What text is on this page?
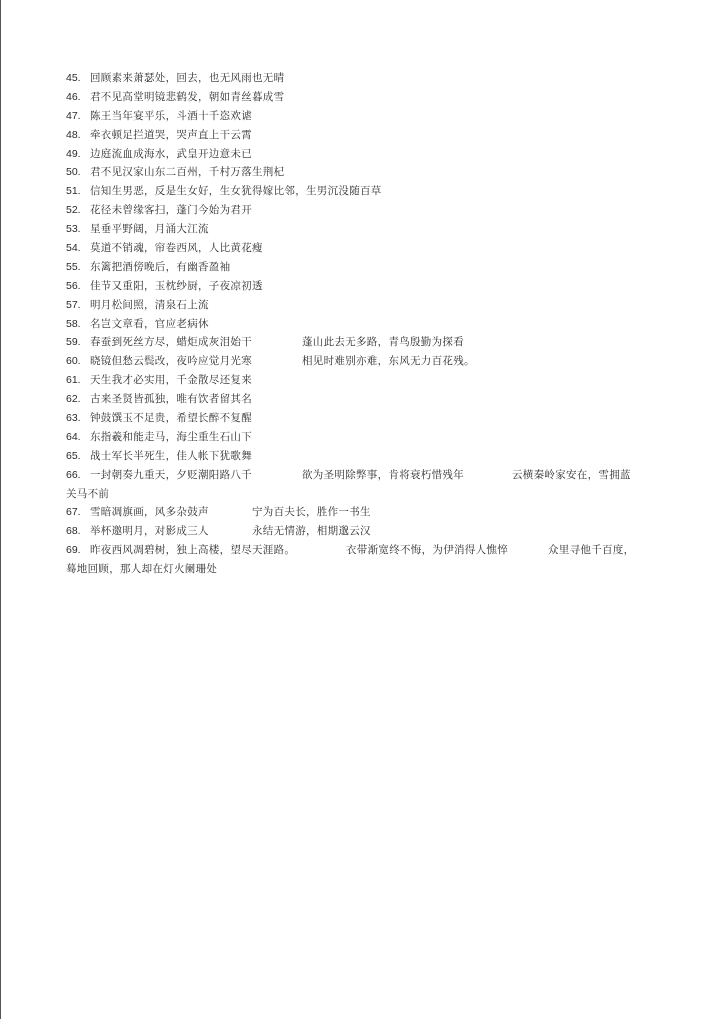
45. 回顾素来萧瑟处，回去，也无风雨也无晴
46. 君不见高堂明镜悲鹤发，朝如青丝暮成雪
47. 陈王当年宴平乐，斗酒十千恣欢谑
48. 牵衣顿足拦道哭，哭声直上干云霄
49. 边庭流血成海水，武皇开边意未已
50. 君不见汉家山东二百州，千村万落生荆杞
51. 信知生男恶，反是生女好，生女犹得嫁比邻，生男沉没随百草
52. 花径未曾缘客扫，蓬门今始为君开
53. 星垂平野阔，月涌大江流
54. 莫道不销魂，帘卷西风，人比黄花瘦
55. 东篱把酒傍晚后，有幽香盈袖
56. 佳节又重阳，玉枕纱厨，子夜凉初透
57. 明月松间照，清泉石上流
58. 名岂文章看，官应老病休
59. 春蚕到死丝方尽，蜡炬成灰泪始干	蓬山此去无多路，青鸟殷勤为探看
60. 晓镜但愁云鬓改，夜吟应觉月光寒	相见时难别亦难，东风无力百花残。
61. 天生我才必实用，千金散尽还复来
62. 古来圣贤皆孤独，唯有饮者留其名
63. 钟鼓馔玉不足贵，希望长醉不复醒
64. 东指羲和能走马，海尘重生石山下
65. 战士军长半死生，佳人帐下犹歌舞
66. 一封朝奏九重天，夕贬潮阳路八千	欲为圣明除弊事，肯将衰朽惜残年	云横秦岭家安在，雪拥蓝
关马不前
67. 雪暗凋旗画，风多杂鼓声	宁为百夫长，胜作一书生
68. 举杯邀明月，对影成三人	永结无情游，相期邈云汉
69. 昨夜西风凋碧树，独上高楼，望尽天涯路。	衣带渐宽终不悔，为伊消得人憔悴	众里寻他千百度，
蓦地回顾，那人却在灯火阑珊处
